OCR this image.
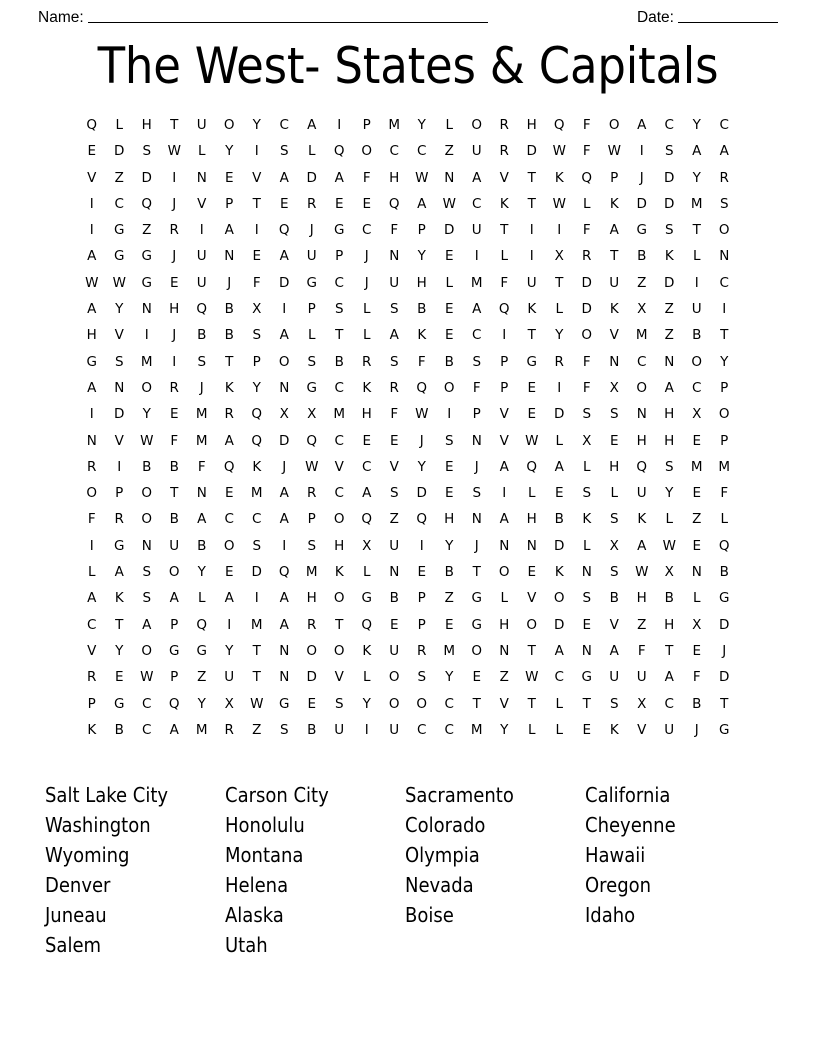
Name:	Date:
The West- States & Capitals
Q	L	H	T	U	O	Y	C	A	I	P	M	Y	L	O	R	H	Q	F	O	A	C	Y	C
E	D	S	W	L	Y	I	S	L	Q	O	C	C	Z	U	R	D	W	F	W	I	S	A	A
V	Z	D	I	N	E	V	A	D	A	F	H	W	N	A	V	T	K	Q	P	J	D	Y	R
I	C	Q	J	V	P	T	E	R	E	E	Q	A	W	C	K	T	W	L	K	D	D	M	S
I	G	Z	R	I	A	I	Q	J	G	C	F	P	D	U	T	I	I	F	A	G	S	T	O
A	G	G	J	U	N	E	A	U	P	J	N	Y	E	I	L	I	X	R	T	B	K	L	N
W	W	G	E	U	J	F	D	G	C	J	U	H	L	M	F	U	T	D	U	Z	D	I	C
A	Y	N	H	Q	B	X	I	P	S	L	S	B	E	A	Q	K	L	D	K	X	Z	U	I
H	V	I	J	B	B	S	A	L	T	L	A	K	E	C	I	T	Y	O	V	M	Z	B	T
G	S	M	I	S	T	P	O	S	B	R	S	F	B	S	P	G	R	F	N	C	N	O	Y
A	N	O	R	J	K	Y	N	G	C	K	R	Q	O	F	P	E	I	F	X	O	A	C	P
I	D	Y	E	M	R	Q	X	X	M	H	F	W	I	P	V	E	D	S	S	N	H	X	O
N	V	W	F	M	A	Q	D	Q	C	E	E	J	S	N	V	W	L	X	E	H	H	E	P
R	I	B	B	F	Q	K	J	W	V	C	V	Y	E	J	A	Q	A	L	H	Q	S	M	M
O	P	O	T	N	E	M	A	R	C	A	S	D	E	S	I	L	E	S	L	U	Y	E	F
F	R	O	B	A	C	C	A	P	O	Q	Z	Q	H	N	A	H	B	K	S	K	L	Z	L
I	G	N	U	B	O	S	I	S	H	X	U	I	Y	J	N	N	D	L	X	A	W	E	Q
L	A	S	O	Y	E	D	Q	M	K	L	N	E	B	T	O	E	K	N	S	W	X	N	B
A	K	S	A	L	A	I	A	H	O	G	B	P	Z	G	L	V	O	S	B	H	B	L	G
C	T	A	P	Q	I	M	A	R	T	Q	E	P	E	G	H	O	D	E	V	Z	H	X	D
V	Y	O	G	G	Y	T	N	O	O	K	U	R	M	O	N	T	A	N	A	F	T	E	J
R	E	W	P	Z	U	T	N	D	V	L	O	S	Y	E	Z	W	C	G	U	U	A	F	D
P	G	C	Q	Y	X	W	G	E	S	Y	O	O	C	T	V	T	L	T	S	X	C	B	T
K	B	C	A	M	R	Z	S	B	U	I	U	C	C	M	Y	L	L	E	K	V	U	J	G
Salt Lake City
Washington
Wyoming
Denver
Juneau
Salem
Carson City
Honolulu
Montana
Helena
Alaska
Utah
Sacramento
Colorado
Olympia
Nevada
Boise
California
Cheyenne
Hawaii
Oregon
Idaho
